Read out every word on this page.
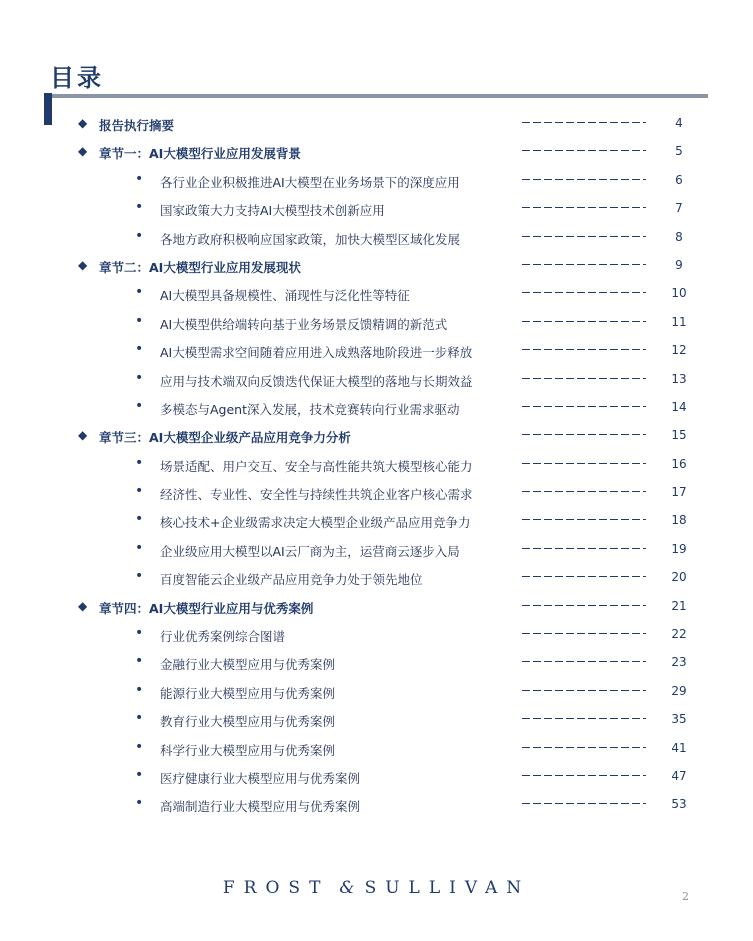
目录
◆ 报告执行摘要	4
◆ 章节一：AI大模型行业应用发展背景	5
• 各行业企业积极推进AI大模型在业务场景下的深度应用	6
• 国家政策大力支持AI大模型技术创新应用	7
• 各地方政府积极响应国家政策，加快大模型区域化发展	8
◆ 章节二：AI大模型行业应用发展现状	9
• AI大模型具备规模性、涌现性与泛化性等特征	10
• AI大模型供给端转向基于业务场景反馈精调的新范式	11
• AI大模型需求空间随着应用进入成熟落地阶段进一步释放	12
• 应用与技术端双向反馈迭代保证大模型的落地与长期效益	13
• 多模态与Agent深入发展，技术竞赛转向行业需求驱动	14
◆ 章节三：AI大模型企业级产品应用竞争力分析	15
• 场景适配、用户交互、安全与高性能共筑大模型核心能力	16
• 经济性、专业性、安全性与持续性共筑企业客户核心需求	17
• 核心技术+企业级需求决定大模型企业级产品应用竞争力	18
• 企业级应用大模型以AI云厂商为主，运营商云逐步入局	19
• 百度智能云企业级产品应用竞争力处于领先地位	20
◆ 章节四：AI大模型行业应用与优秀案例	21
• 行业优秀案例综合图谱	22
• 金融行业大模型应用与优秀案例	23
• 能源行业大模型应用与优秀案例	29
• 教育行业大模型应用与优秀案例	35
• 科学行业大模型应用与优秀案例	41
• 医疗健康行业大模型应用与优秀案例	47
• 高端制造行业大模型应用与优秀案例	53
FROST & SULLIVAN	2
